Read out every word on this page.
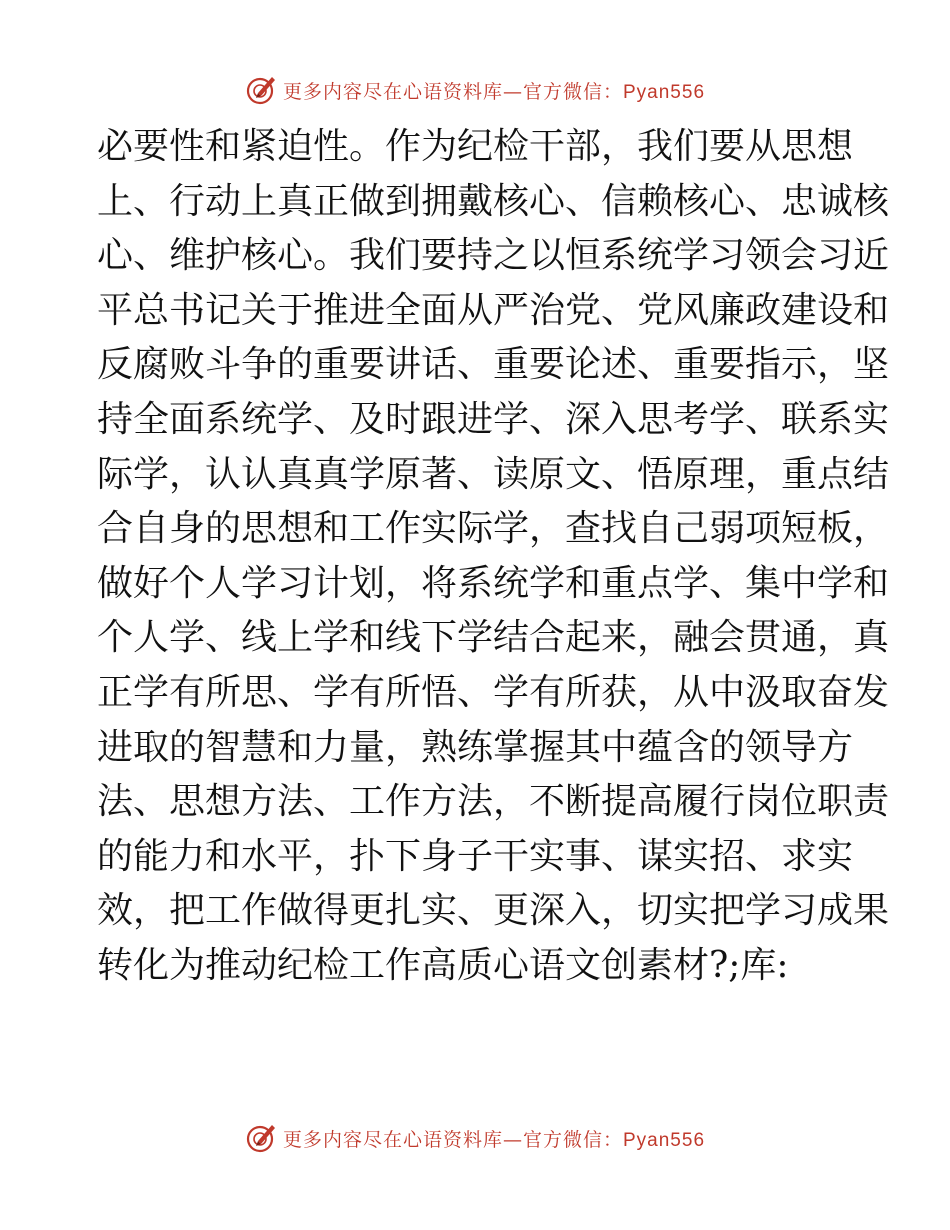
更多内容尽在心语资料库—官方微信：Pyan556
必要性和紧迫性。作为纪检干部，我们要从思想
上、行动上真正做到拥戴核心、信赖核心、忠诚核
心、维护核心。我们要持之以恒系统学习领会习近
平总书记关于推进全面从严治党、党风廉政建设和
反腐败斗争的重要讲话、重要论述、重要指示，坚
持全面系统学、及时跟进学、深入思考学、联系实
际学，认认真真学原著、读原文、悟原理，重点结
合自身的思想和工作实际学，查找自己弱项短板，
做好个人学习计划，将系统学和重点学、集中学和
个人学、线上学和线下学结合起来，融会贯通，真
正学有所思、学有所悟、学有所获，从中汲取奋发
进取的智慧和力量，熟练掌握其中蕴含的领导方
法、思想方法、工作方法，不断提高履行岗位职责
的能力和水平，扑下身子干实事、谋实招、求实
效，把工作做得更扎实、更深入，切实把学习成果
转化为推动纪检工作高质心语文创素材?;库:
更多内容尽在心语资料库—官方微信：Pyan556
